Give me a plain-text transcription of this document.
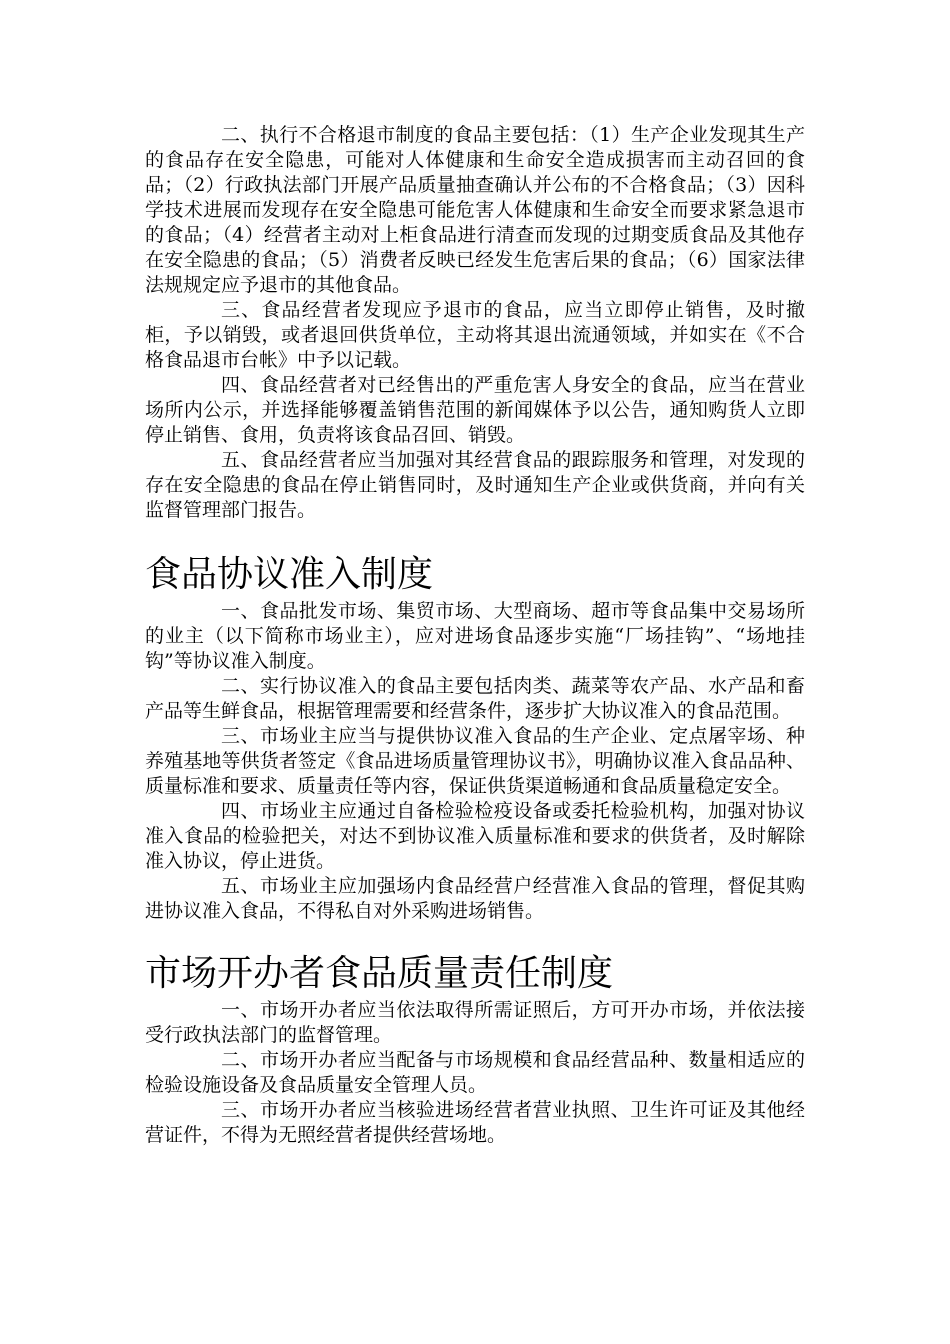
二、执行不合格退市制度的食品主要包括：（1）生产企业发现其生产的食品存在安全隐患，可能对人体健康和生命安全造成损害而主动召回的食品；（2）行政执法部门开展产品质量抽查确认并公布的不合格食品；（3）因科学技术进展而发现存在安全隐患可能危害人体健康和生命安全而要求紧急退市的食品；（4）经营者主动对上柜食品进行清查而发现的过期变质食品及其他存在安全隐患的食品；（5）消费者反映已经发生危害后果的食品；（6）国家法律法规规定应予退市的其他食品。

三、食品经营者发现应予退市的食品，应当立即停止销售，及时撤柜，予以销毁，或者退回供货单位，主动将其退出流通领域，并如实在《不合格食品退市台帐》中予以记载。

四、食品经营者对已经售出的严重危害人身安全的食品，应当在营业场所内公示，并选择能够覆盖销售范围的新闻媒体予以公告，通知购货人立即停止销售、食用，负责将该食品召回、销毁。

五、食品经营者应当加强对其经营食品的跟踪服务和管理，对发现的存在安全隐患的食品在停止销售同时，及时通知生产企业或供货商，并向有关监督管理部门报告。

食品协议准入制度

一、食品批发市场、集贸市场、大型商场、超市等食品集中交易场所的业主（以下简称市场业主），应对进场食品逐步实施“厂场挂钩”、“场地挂钩”等协议准入制度。

二、实行协议准入的食品主要包括肉类、蔬菜等农产品、水产品和畜产品等生鲜食品，根据管理需要和经营条件，逐步扩大协议准入的食品范围。

三、市场业主应当与提供协议准入食品的生产企业、定点屠宰场、种养殖基地等供货者签定《食品进场质量管理协议书》，明确协议准入食品品种、质量标准和要求、质量责任等内容，保证供货渠道畅通和食品质量稳定安全。

四、市场业主应通过自备检验检疫设备或委托检验机构，加强对协议准入食品的检验把关，对达不到协议准入质量标准和要求的供货者，及时解除准入协议，停止进货。

五、市场业主应加强场内食品经营户经营准入食品的管理，督促其购进协议准入食品，不得私自对外采购进场销售。

市场开办者食品质量责任制度

一、市场开办者应当依法取得所需证照后，方可开办市场，并依法接受行政执法部门的监督管理。

二、市场开办者应当配备与市场规模和食品经营品种、数量相适应的检验设施设备及食品质量安全管理人员。

三、市场开办者应当核验进场经营者营业执照、卫生许可证及其他经营证件，不得为无照经营者提供经营场地。
